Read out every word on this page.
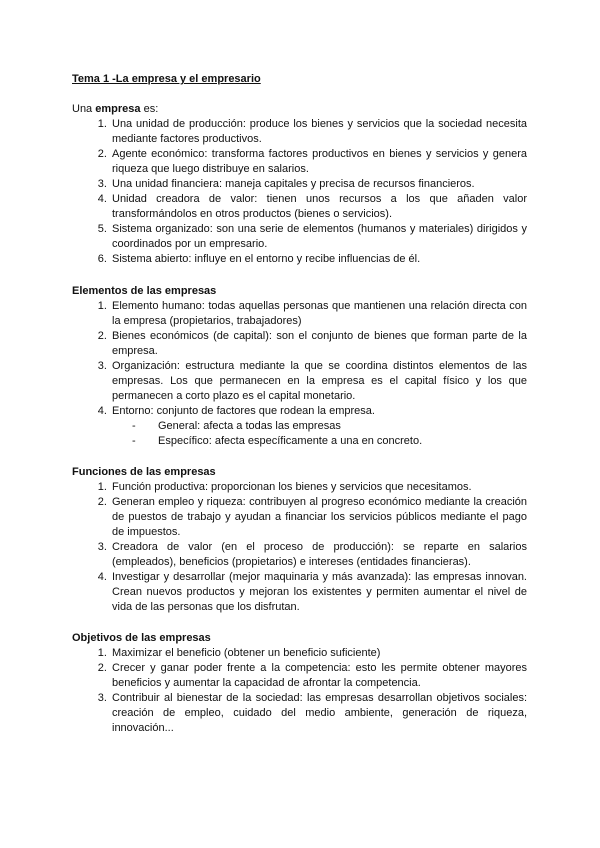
Tema 1 -La empresa y el empresario
Una empresa es:
1. Una unidad de producción: produce los bienes y servicios que la sociedad necesita mediante factores productivos.
2. Agente económico: transforma factores productivos en bienes y servicios y genera riqueza que luego distribuye en salarios.
3. Una unidad financiera: maneja capitales y precisa de recursos financieros.
4. Unidad creadora de valor: tienen unos recursos a los que añaden valor transformándolos en otros productos (bienes o servicios).
5. Sistema organizado: son una serie de elementos (humanos y materiales) dirigidos y coordinados por un empresario.
6. Sistema abierto: influye en el entorno y recibe influencias de él.
Elementos de las empresas
1. Elemento humano: todas aquellas personas que mantienen una relación directa con la empresa (propietarios, trabajadores)
2. Bienes económicos (de capital): son el conjunto de bienes que forman parte de la empresa.
3. Organización: estructura mediante la que se coordina distintos elementos de las empresas. Los que permanecen en la empresa es el capital físico y los que permanecen a corto plazo es el capital monetario.
4. Entorno: conjunto de factores que rodean la empresa.
- General: afecta a todas las empresas
- Específico: afecta específicamente a una en concreto.
Funciones de las empresas
1. Función productiva: proporcionan los bienes y servicios que necesitamos.
2. Generan empleo y riqueza: contribuyen al progreso económico mediante la creación de puestos de trabajo y ayudan a financiar los servicios públicos mediante el pago de impuestos.
3. Creadora de valor (en el proceso de producción): se reparte en salarios (empleados), beneficios (propietarios) e intereses (entidades financieras).
4. Investigar y desarrollar (mejor maquinaria y más avanzada): las empresas innovan. Crean nuevos productos y mejoran los existentes y permiten aumentar el nivel de vida de las personas que los disfrutan.
Objetivos de las empresas
1. Maximizar el beneficio (obtener un beneficio suficiente)
2. Crecer y ganar poder frente a la competencia: esto les permite obtener mayores beneficios y aumentar la capacidad de afrontar la competencia.
3. Contribuir al bienestar de la sociedad: las empresas desarrollan objetivos sociales: creación de empleo, cuidado del medio ambiente, generación de riqueza, innovación...
